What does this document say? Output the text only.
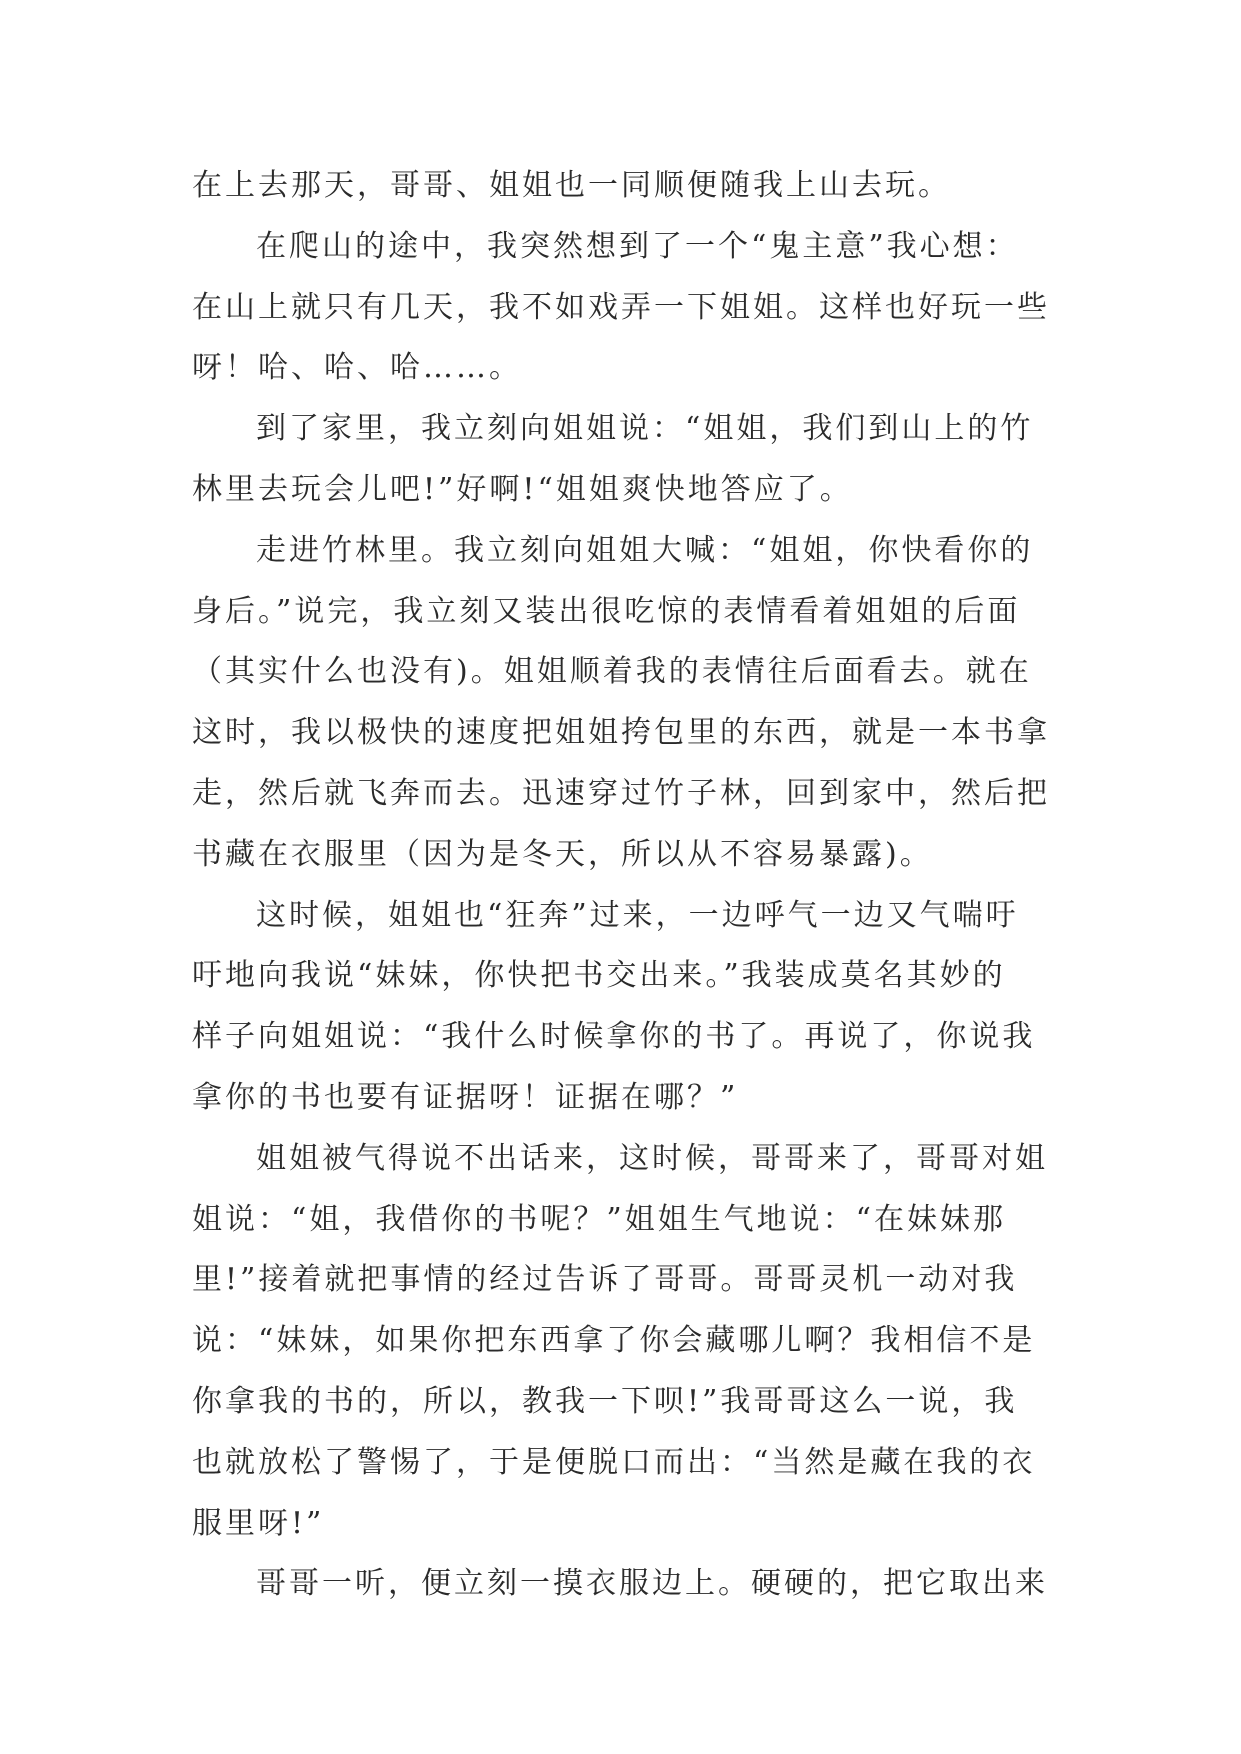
在上去那天，哥哥、姐姐也一同顺便随我上山去玩。
在爬山的途中，我突然想到了一个“鬼主意”我心想：
在山上就只有几天，我不如戏弄一下姐姐。这样也好玩一些
呀！哈、哈、哈……。
到了家里，我立刻向姐姐说：“姐姐，我们到山上的竹
林里去玩会儿吧!”好啊!“姐姐爽快地答应了。
走进竹林里。我立刻向姐姐大喊：“姐姐，你快看你的
身后。”说完，我立刻又装出很吃惊的表情看着姐姐的后面
（其实什么也没有)。姐姐顺着我的表情往后面看去。就在
这时，我以极快的速度把姐姐挎包里的东西，就是一本书拿
走，然后就飞奔而去。迅速穿过竹子林，回到家中，然后把
书藏在衣服里（因为是冬天，所以从不容易暴露)。
这时候，姐姐也“狂奔”过来，一边呼气一边又气喘吁
吁地向我说“妹妹，你快把书交出来。”我装成莫名其妙的
样子向姐姐说：“我什么时候拿你的书了。再说了，你说我
拿你的书也要有证据呀！证据在哪？”
姐姐被气得说不出话来，这时候，哥哥来了，哥哥对姐
姐说：“姐，我借你的书呢？”姐姐生气地说：“在妹妹那
里!”接着就把事情的经过告诉了哥哥。哥哥灵机一动对我
说：“妹妹，如果你把东西拿了你会藏哪儿啊？我相信不是
你拿我的书的，所以，教我一下呗!”我哥哥这么一说，我
也就放松了警惕了，于是便脱口而出：“当然是藏在我的衣
服里呀!”
哥哥一听，便立刻一摸衣服边上。硬硬的，把它取出来
